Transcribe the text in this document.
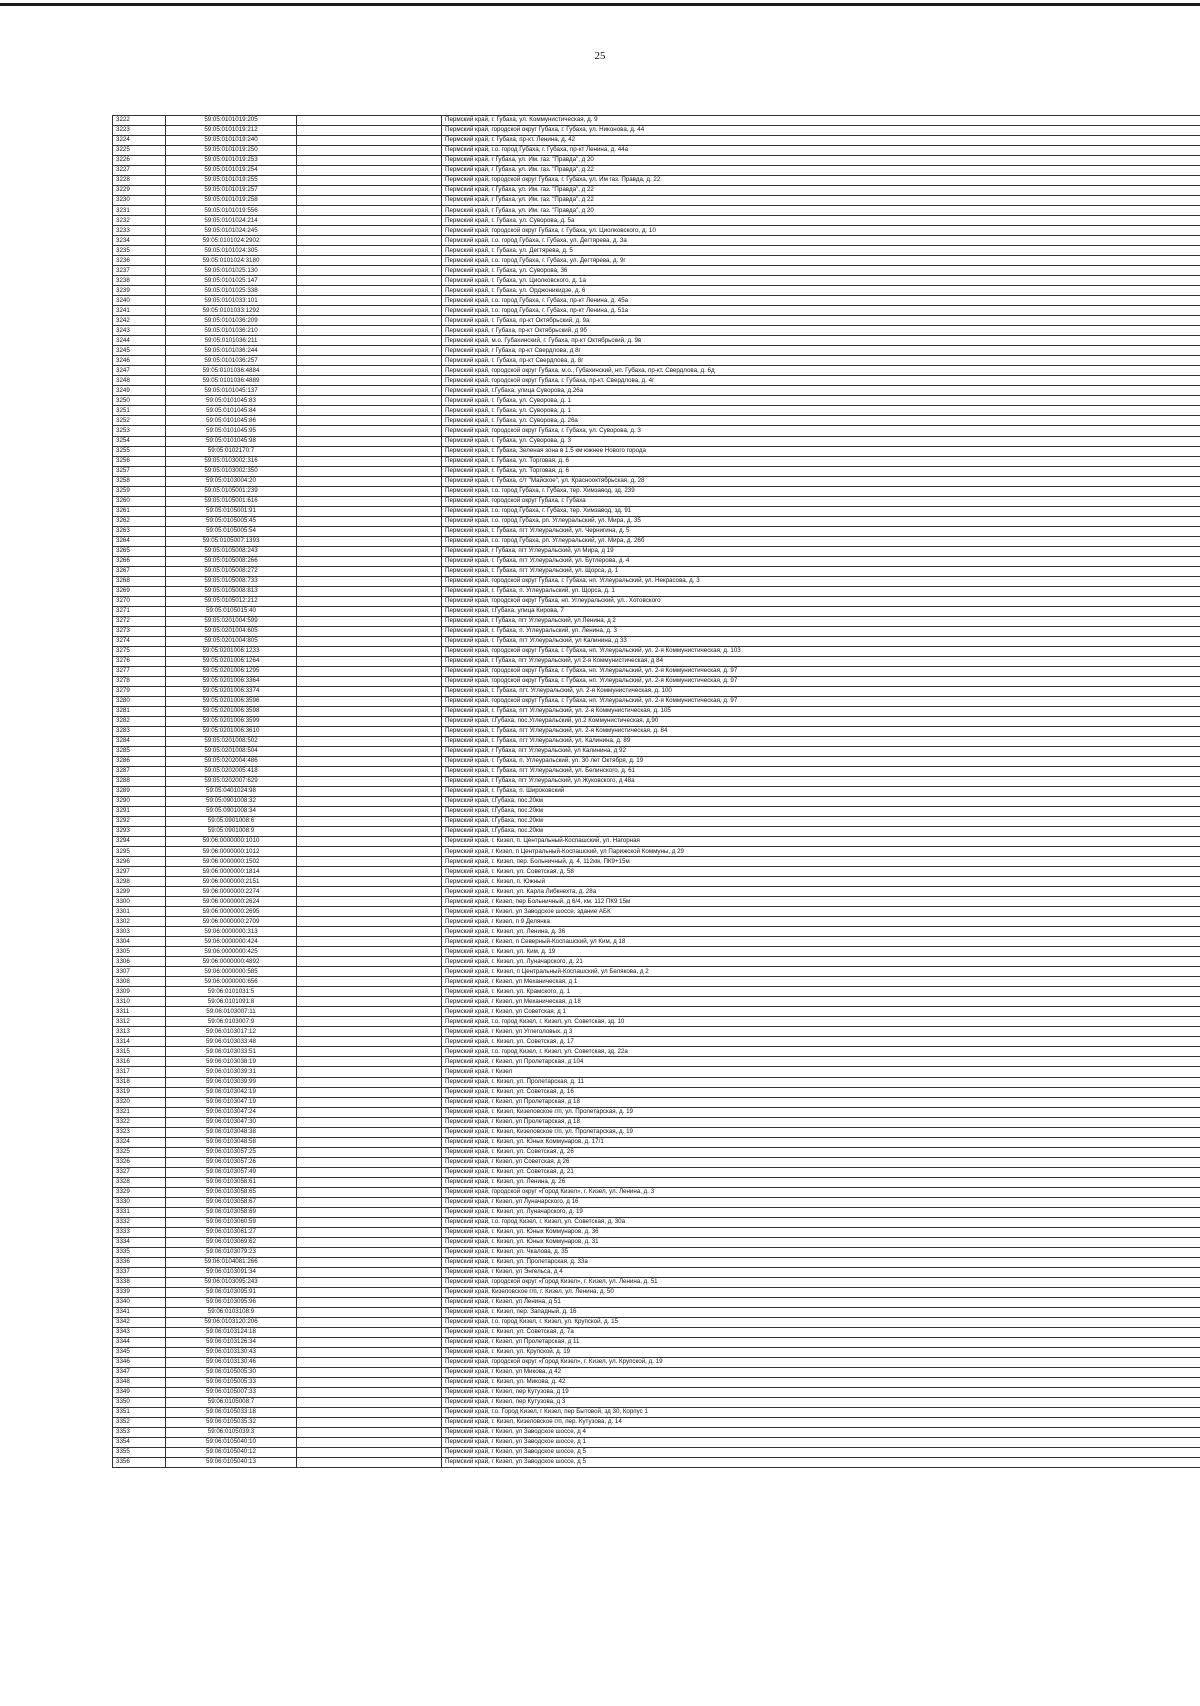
25
3222	59:05:0101019:205		Пермский край, г. Губаха, ул. Коммунистическая, д. 9
3223	59:05:0101019:212		Пермский край, городской округ Губаха, г. Губаха, ул. Никонова, д. 44
3224	59:05:0101019:240		Пермский край, г. Губаха, пр-кт. Ленина, д. 42
3225	59:05:0101019:250		Пермский край, г.о. город Губаха, г. Губаха, пр-кт Ленина, д. 44а
3226	59:05:0101019:253		Пермский край, г Губаха, ул. Им. газ. "Правда", д 20
3227	59:05:0101019:254		Пермский край, г Губаха, ул. Им. газ. "Правда", д 22
3228	59:05:0101019:255		Пермский край, городской округ Губаха, г. Губаха, ул. Им газ. Правда, д. 22
3229	59:05:0101019:257		Пермский край, г Губаха, ул. Им. газ. "Правда", д 22
3230	59:05:0101019:258		Пермский край, г Губаха, ул. Им. газ. "Правда", д 22
3231	59:05:0101019:556		Пермский край, г Губаха, ул. Им. газ. "Правда", д 20
3232	59:05:0101024:214		Пермский край, г. Губаха, ул. Суворова, д. 5а
3233	59:05:0101024:245		Пермский край, городской округ Губаха, г. Губаха, ул. Циолковского, д. 10
3234	59:05:0101024:2902		Пермский край, г.о. город Губаха, г. Губаха, ул. Дегтярева, д. 3а
3235	59:05:0101024:305		Пермский край, г. Губаха, ул. Дегтярева, д. 5
3236	59:05:0101024:3180		Пермский край, г.о. город Губаха, г. Губаха, ул. Дегтярева, д. 9г
3237	59:05:0101025:130		Пермский край, г. Губаха, ул. Суворова, 36
3238	59:05:0101025:147		Пермский край, г. Губаха, ул. Циолковского, д. 1а
3239	59:05:0101025:338		Пермский край, г. Губаха, ул. Орджоникидзе, д. 6
3240	59:05:0101033:101		Пермский край, г.о. город Губаха, г. Губаха, пр-кт Ленина, д. 45а
3241	59:05:0101033:1292		Пермский край, г.о. город Губаха, г. Губаха, пр-кт Ленина, д. 51а
3242	59:05:0101036:209		Пермский край, г. Губаха, пр-кт Октябрьский, д. 9а
3243	59:05:0101036:210		Пермский край, г Губаха, пр-кт Октябрьский, д 9б
3244	59:05:0101036:211		Пермский край, м.о. Губахинский, г. Губаха, пр-кт Октябрьский, д. 9в
3245	59:05:0101036:244		Пермский край, г Губаха, пр-кт Свердлова, д 8г
3246	59:05:0101036:257		Пермский край, г. Губаха, пр-кт Свердлова, д. 8г
3247	59:05:0101036:4884		Пермский край, городской округ Губаха, м.о., Губахинский, нп. Губаха, пр-кт. Свердлова, д. 6д
3248	59:05:0101036:4889		Пермский край, городской округ Губаха, г. Губаха, пр-кт. Свердлова, д. 4г
3249	59:05:0101045:137		Пермский край, г.Губаха, улица Суворова, д.26а
3250	59:05:0101045:83		Пермский край, г. Губаха, ул. Суворова, д. 1
3251	59:05:0101045:84		Пермский край, г. Губаха, ул. Суворова, д. 1
3252	59:05:0101045:86		Пермский край, г. Губаха, ул. Суворова, д. 26а
3253	59:05:0101045:95		Пермский край, городской округ Губаха, г. Губаха, ул. Суворова, д. 3
3254	59:05:0101045:98		Пермский край, г. Губаха, ул. Суворова, д. 3
3255	59:05:0102170:7		Пермский край, г. Губаха, Зеленая зона в 1.5 км южнее Нового города
3256	59:05:0103002:316		Пермский край, г. Губаха, ул. Торговая, д. 6
3257	59:05:0103002:350		Пермский край, г. Губаха, ул. Торговая, д. 6
3258	59:05:0103004:20		Пермский край, г. Губаха, с/т "Майское", ул. Красноoктябрьская, д. 28
3259	59:05:0105001:239		Пермский край, г.о. город Губаха, г. Губаха, тер. Химзавод, зд. 239
3260	59:05:0105001:616		Пермский край, городской округ Губаха, г. Губаха
3261	59:05:0105001:91		Пермский край, г.о. город Губаха, г. Губаха, тер. Химзавод, зд. 91
3262	59:05:0105005:45		Пермский край, г.о. город Губаха, рп. Углеуральский, ул. Мира, д. 35
3263	59:05:0105005:54		Пермский край, г. Губаха, пгт Углеуральский, ул. Чернигина, д. 5
3264	59:05:0105007:1393		Пермский край, г.о. город Губаха, рп. Углеуральский, ул. Мира, д. 26б
3265	59:05:0105008:243		Пермский край, г Губаха, пгт Углеуральский, ул Мира, д 19
3266	59:05:0105008:266		Пермский край, г. Губаха, пгт Углеуральский, ул. Бутлерова, д. 4
3267	59:05:0105008:272		Пермский край, г. Губаха, пгт Углеуральский, ул. Щорса, д. 1
3268	59:05:0105008:733		Пермский край, городской округ Губаха, г. Губаха, нп. Углеуральский, ул. Некрасова, д. 3
3269	59:05:0105008:813		Пермский край, г. Губаха, п. Углеуральский, ул. Щорса, д. 1
3270	59:05:0105012:212		Пермский край, городской округ Губаха, нп. Углеуральский, ул.. Хотовского
3271	59:05:0105015:40		Пермский край, г.Губаха, улица Кирова, 7
3272	59:05:0201004:599		Пермский край, г Губаха, пгт Углеуральский, ул Ленина, д 2
3273	59:05:0201004:605		Пермский край, г. Губаха, п. Углеуральский, ул. Ленина, д. 3
3274	59:05:0201004:805		Пермский край, г. Губаха, пгт Углеуральский, ул Калинина, д 33
3275	59:05:0201006:1233		Пермский край, городской округ Губаха, г. Губаха, нп. Углеуральский, ул. 2-я Коммунистическая, д. 103
3276	59:05:0201006:1264		Пермский край, г Губаха, пгт Углеуральский, ул 2-я Коммунистическая, д 84
3277	59:05:0201006:1295		Пермский край, городской округ Губаха, г. Губаха, нп. Углеуральский, ул. 2-я Коммунистическая, д. 97
3278	59:05:0201006:3364		Пермский край, городской округ Губаха, г. Губаха, нп. Углеуральский, ул. 2-я Коммунистическая, д. 97
3279	59:05:0201006:3374		Пермский край, г. Губаха, пгт. Углеуральский, ул. 2-я Коммунистическая, д. 100
3280	59:05:0201006:3596		Пермский край, городской округ Губаха, г. Губаха, нп. Углеуральский, ул. 2-я Коммунистическая, д. 97
3281	59:05:0201006:3598		Пермский край, г. Губаха, пгт Углеуральский, ул. 2-я Коммунистическая, д. 105
3282	59:05:0201006:3599		Пермский край, г.Губаха, пос.Углеуральский, ул.2 Коммунистическая, д.90
3283	59:05:0201006:3610		Пермский край, г. Губаха, пгт Углеуральский, ул. 2-я Коммунистическая, д. 84
3284	59:05:0201008:502		Пермский край, г. Губаха, пгт Углеуральский, ул. Калинина, д. 89
3285	59:05:0201008:504		Пермский край, г Губаха, пгт Углеуральский, ул Калинина, д 92
3286	59:05:0202004:486		Пермский край, г. Губаха, п. Углеуральский, ул. 30 лет Октября, д. 19
3287	59:05:0202005:418		Пермский край, г. Губаха, пгт Углеуральский, ул. Белинского, д. 61
3288	59:05:0202007:629		Пермский край, г Губаха, пгт Углеуральский, ул Жуковского, д 48а
3289	59:05:0401024:98		Пермский край, г. Губаха, п. Широковский
3290	59:05:0901008:32		Пермский край, г.Губаха, пос.20км
3291	59:05:0901008:34		Пермский край, г.Губаха, пос.20км
3292	59:05:0901008:6		Пермский край, г.Губаха, пос.20км
3293	59:05:0901008:9		Пермский край, г.Губаха, пос.20км
3294	59:06:0000000:1010		Пермский край, г. Кизел, п. Центральный-Коспашский, ул. Нагорная
3295	59:06:0000000:1012		Пермский край, г Кизел, п Центральный-Коспашский, ул Парижской Коммуны, д 29
3296	59:06:0000000:1502		Пермский край, г. Кизел, пер. Больничный, д. 4, 112км, ПК9+15м
3297	59:06:0000000:1814		Пермский край, г. Кизел, ул. Советская, д. 58
3298	59:06:0000000:2151		Пермский край, г. Кизел, п. Южный
3299	59:06:0000000:2274		Пермский край, г. Кизел, ул. Карла Либкнехта, д. 28а
3300	59:06:0000000:2624		Пермский край, г Кизел, пер Больничный, д 6/4, км. 112 ПК9 15м
3301	59:06:0000000:2695		Пермский край, г Кизел, ул Заводское шоссе, здание АБК
3302	59:06:0000000:2709		Пермский край, г Кизел, п 9 Делянка
3303	59:06:0000000:313		Пермский край, г. Кизел, ул. Ленина, д. 36
3304	59:06:0000000:424		Пермский край, г Кизел, п Северный-Коспашский, ул Ким, д 18
3305	59:06:0000000:425		Пермский край, г. Кизел, ул. Ким, д. 19
3306	59:06:0000000:4892		Пермский край, г. Кизел, ул. Луначарского, д. 21
3307	59:06:0000000:585		Пермский край, г. Кизел, п Центральный-Коспашский, ул Белякова, д 2
3308	59:06:0000000:656		Пермский край, г Кизел, ул Механическая, д 1
3309	59:06:0101031:5		Пермский край, г. Кизел, ул. Крамского, д. 1
3310	59:06:0101091:8		Пермский край, г Кизел, ул Механическая, д 18
3311	59:06:0103007:11		Пермский край, г Кизел, ул Советская, д 1
3312	59:06:0103007:9		Пермский край, г.о. город Кизел, г. Кизел, ул. Советская, зд. 10
3313	59:06:0103017:12		Пермский край, г Кизел, ул Углеголовых, д 3
3314	59:06:0103033:48		Пермский край, г. Кизел, ул. Советская, д. 17
3315	59:06:0103033:51		Пермский край, г.о. город Кизел, г. Кизел, ул. Советская, зд. 22а
3316	59:06:0103038:19		Пермский край, г Кизел, ул Пролетарская, д 104
3317	59:06:0103039:31		Пермский край, г Кизел
3318	59:06:0103039:99		Пермский край, г. Кизел, ул. Пролетарская, д. 11
3319	59:06:0103042:19		Пермский край, г. Кизел, ул. Советская, д. 16
3320	59:06:0103047:19		Пермский край, г Кизел, ул Пролетарская, д 18
3321	59:06:0103047:24		Пермский край, г. Кизел, Кизеловское г/п, ул. Пролетарская, д. 19
3322	59:06:0103047:30		Пермский край, г Кизел, ул Пролетарская, д 18
3323	59:06:0103048:38		Пермский край, г. Кизел, Кизеловское г/п, ул. Пролетарская, д. 19
3324	59:06:0103048:58		Пермский край, г. Кизел, ул. Юных Коммунаров, д. 17/1
3325	59:06:0103057:25		Пермский край, г. Кизел, ул. Советская, д. 26
3326	59:06:0103057:26		Пермский край, г Кизел, ул Советская, д 26
3327	59:06:0103057:49		Пермский край, г. Кизел, ул. Советская, д. 21
3328	59:06:0103058:61		Пермский край, г. Кизел, ул. Ленина, д. 26
3329	59:06:0103058:65		Пермский край, городской округ «Город Кизел», г. Кизел, ул. Ленина, д. 3
3330	59:06:0103058:67		Пермский край, г Кизел, ул Луначарского, д 16
3331	59:06:0103058:69		Пермский край, г. Кизел, ул. Луначарского, д. 19
3332	59:06:0103060:59		Пермский край, г.о. город Кизел, г. Кизел, ул. Советская, д. 30а
3333	59:06:0103061:27		Пермский край, г. Кизел, ул. Юных Коммунаров, д. 36
3334	59:06:0103069:62		Пермский край, г. Кизел, ул. Юных Коммунаров, д. 31
3335	59:06:0103079:23		Пермский край, г. Кизел, ул. Чкалова, д. 35
3336	59:06:0104081:266		Пермский край, г. Кизел, ул. Пролетарская, д. 33а
3337	59:06:0103091:34		Пермский край, г Кизел, ул Энгельса, д 4
3338	59:06:0103095:243		Пермский край, городской округ «Город Кизел», г. Кизел, ул. Ленина, д. 51
3339	59:06:0103095:91		Пермский край, Кизеловское г/п, г. Кизел, ул. Ленина, д. 50
3340	59:06:0103095:96		Пермский край, г Кизел, ул Ленина, д 51
3341	59:06:0103108:9		Пермский край, г. Кизел, пер. Западный, д. 16
3342	59:06:0103120:206		Пермский край, г.о. город Кизел, г. Кизел, ул. Крупской, д. 15
3343	59:06:0103124:18		Пермский край, г. Кизел, ул. Советская, д. 7а
3344	59:06:0103126:34		Пермский край, г Кизел, ул Пролетарская, д 11
3345	59:06:0103130:43		Пермский край, г. Кизел, ул. Крупской, д. 19
3346	59:06:0103130:46		Пермский край, городской округ «Город Кизел», г. Кизел, ул. Крупской, д. 19
3347	59:06:0105005:30		Пермский край, г Кизел, ул Микова, д 42
3348	59:06:0105005:33		Пермский край, г. Кизел, ул. Микова, д. 42
3349	59:06:0105007:33		Пермский край, г Кизел, пер Кутузова, д 19
3350	59:06:0105008:7		Пермский край, г Кизел, пер Кутузова, д 3
3351	59:06:0105033:18		Пермский край, г.о. Город Кизел, г Кизел, пер Бытовой, зд 30, Корпус 1
3352	59:06:0105035:32		Пермский край, г. Кизел, Кизеловское г/п, пер. Кутузова, д. 14
3353	59:06:0105039:3		Пермский край, г Кизел, ул Заводское шоссе, д 4
3354	59:06:0105040:10		Пермский край, г Кизел, ул Заводское шоссе, д 1
3355	59:06:0105040:12		Пермский край, г Кизел, ул Заводское шоссе, д 5
3356	59:06:0105040:13		Пермский край, г Кизел, ул Заводское шоссе, д 5
